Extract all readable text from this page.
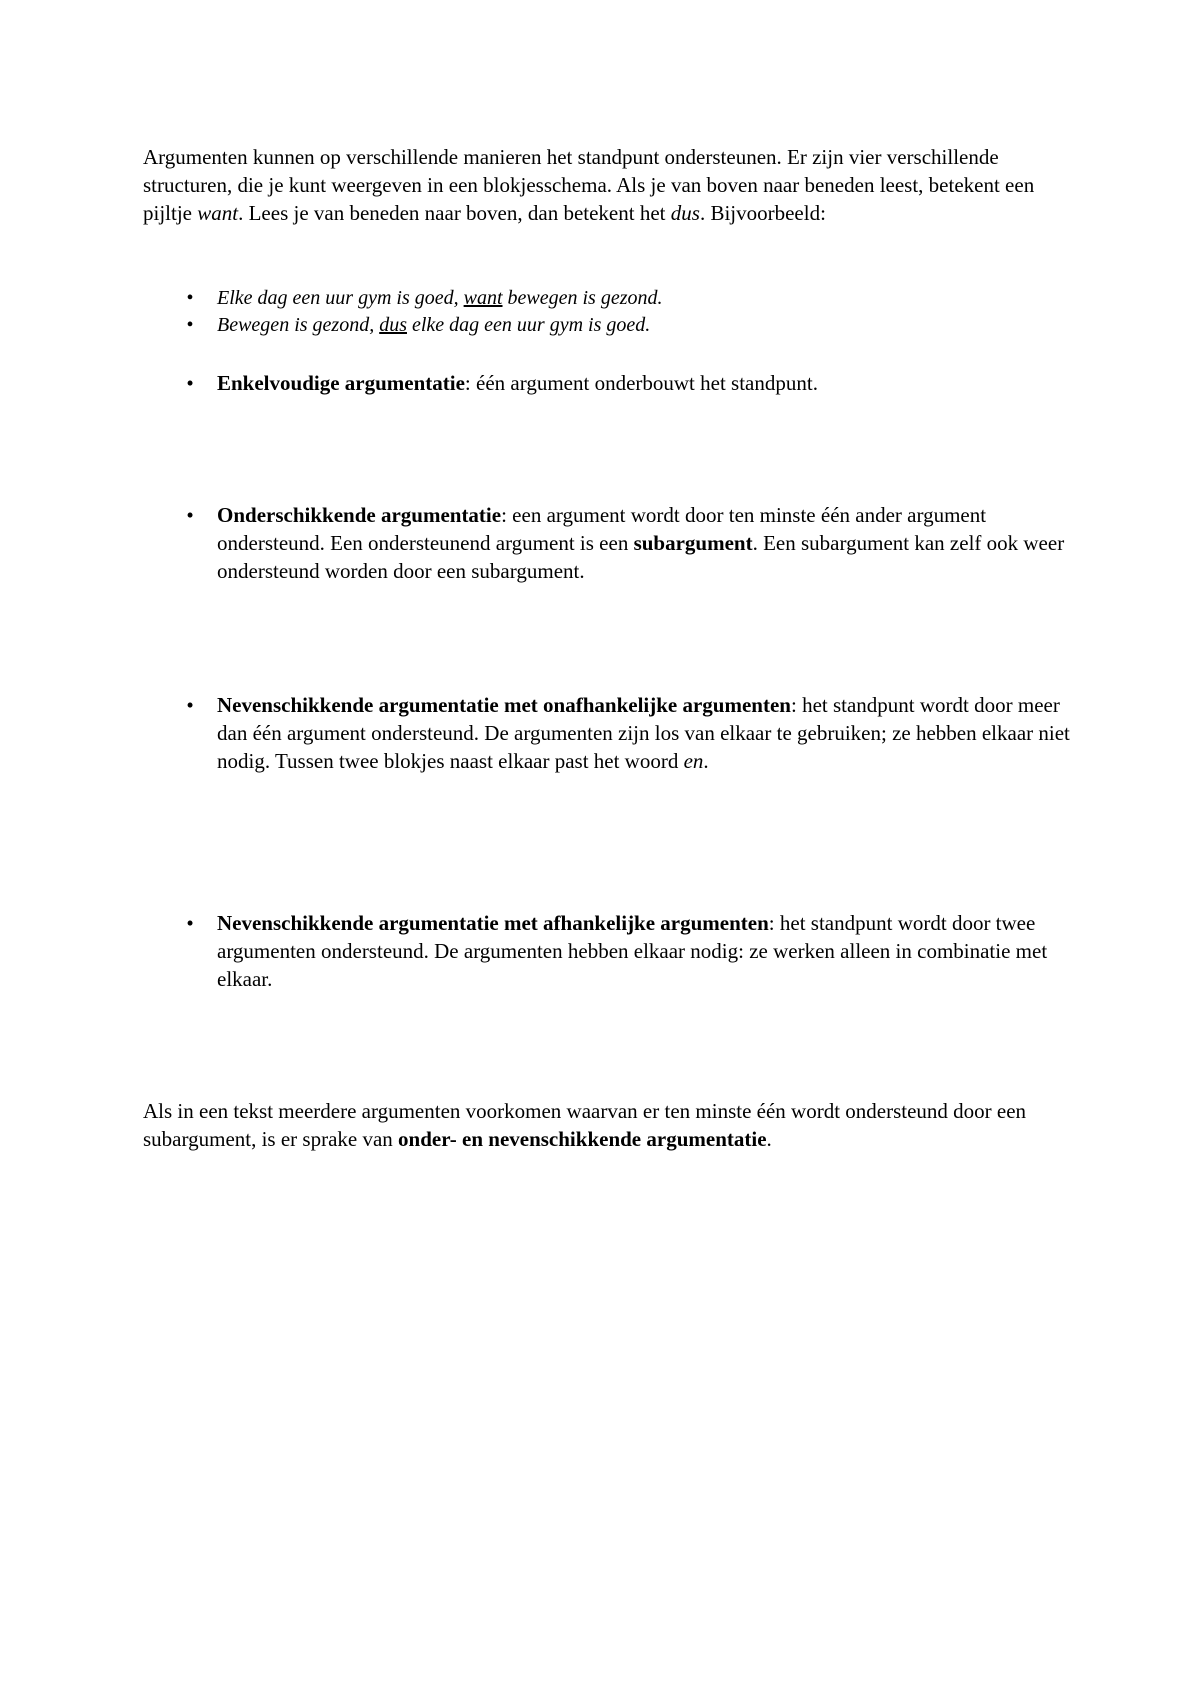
Argumenten kunnen op verschillende manieren het standpunt ondersteunen. Er zijn vier verschillende structuren, die je kunt weergeven in een blokjesschema. Als je van boven naar beneden leest, betekent een pijltje want. Lees je van beneden naar boven, dan betekent het dus. Bijvoorbeeld:

•	Elke dag een uur gym is goed, want bewegen is gezond.
•	Bewegen is gezond, dus elke dag een uur gym is goed.
•	Enkelvoudige argumentatie: één argument onderbouwt het standpunt.
•	Onderschikkende argumentatie: een argument wordt door ten minste één ander argument ondersteund. Een ondersteunend argument is een subargument. Een subargument kan zelf ook weer ondersteund worden door een subargument.
•	Nevenschikkende argumentatie met onafhankelijke argumenten: het standpunt wordt door meer dan één argument ondersteund. De argumenten zijn los van elkaar te gebruiken; ze hebben elkaar niet nodig. Tussen twee blokjes naast elkaar past het woord en.
•	Nevenschikkende argumentatie met afhankelijke argumenten: het standpunt wordt door twee argumenten ondersteund. De argumenten hebben elkaar nodig: ze werken alleen in combinatie met elkaar.

Als in een tekst meerdere argumenten voorkomen waarvan er ten minste één wordt ondersteund door een subargument, is er sprake van onder- en nevenschikkende argumentatie.
